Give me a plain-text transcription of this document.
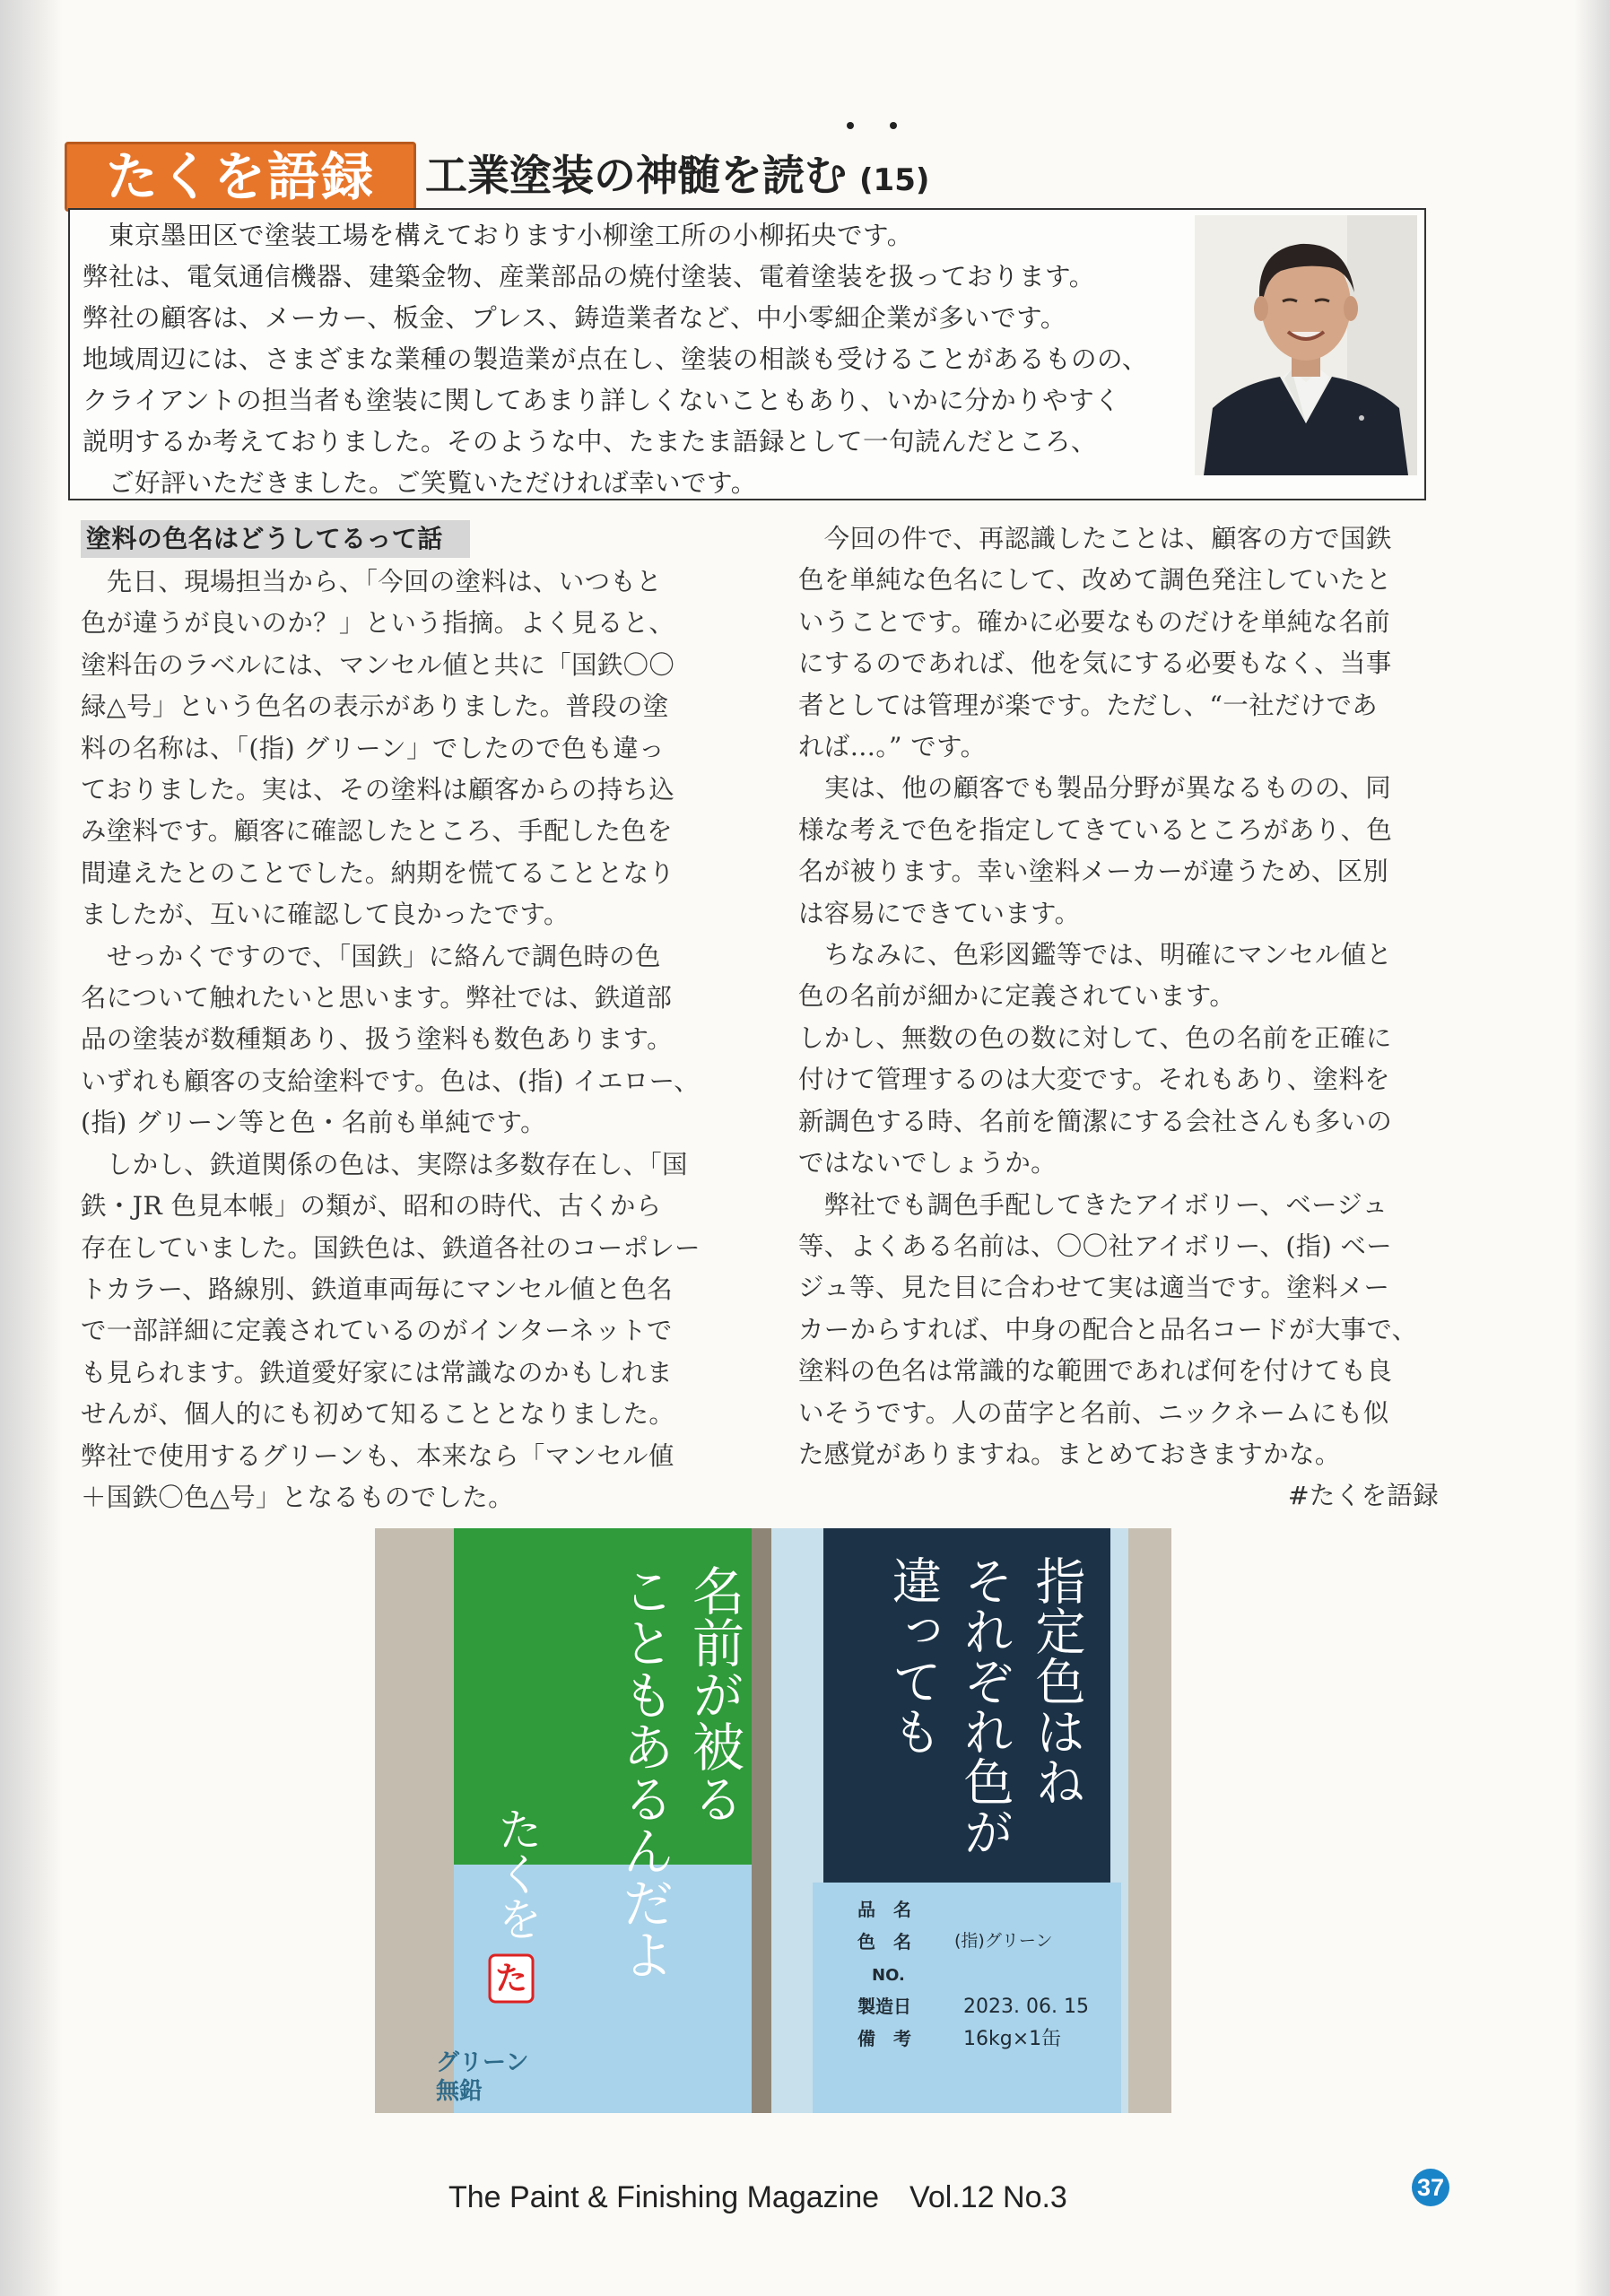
たくを語録	工業塗装の神髄を読む (15)

　東京墨田区で塗装工場を構えております小柳塗工所の小柳拓央です。

弊社は、電気通信機器、建築金物、産業部品の焼付塗装、電着塗装を扱っております。

弊社の顧客は、メーカー、板金、プレス、鋳造業者など、中小零細企業が多いです。

地域周辺には、さまざまな業種の製造業が点在し、塗装の相談も受けることがあるものの、

クライアントの担当者も塗装に関してあまり詳しくないこともあり、いかに分かりやすく

説明するか考えておりました。そのような中、たまたま語録として一句読んだところ、

　ご好評いただきました。ご笑覧いただければ幸いです。

塗料の色名はどうしてるって話

　先日、現場担当から、「今回の塗料は、いつもと

色が違うが良いのか？」という指摘。よく見ると、

塗料缶のラベルには、マンセル値と共に「国鉄〇〇

緑△号」という色名の表示がありました。普段の塗

料の名称は、「(指) グリーン」でしたので色も違っ

ておりました。実は、その塗料は顧客からの持ち込

み塗料です。顧客に確認したところ、手配した色を

間違えたとのことでした。納期を慌てることとなり

ましたが、互いに確認して良かったです。

　せっかくですので、「国鉄」に絡んで調色時の色

名について触れたいと思います。弊社では、鉄道部

品の塗装が数種類あり、扱う塗料も数色あります。

いずれも顧客の支給塗料です。色は、(指) イエロー、

(指) グリーン等と色・名前も単純です。

　しかし、鉄道関係の色は、実際は多数存在し、「国

鉄・JR 色見本帳」の類が、昭和の時代、古くから

存在していました。国鉄色は、鉄道各社のコーポレー

トカラー、路線別、鉄道車両毎にマンセル値と色名

で一部詳細に定義されているのがインターネットで

も見られます。鉄道愛好家には常識なのかもしれま

せんが、個人的にも初めて知ることとなりました。

弊社で使用するグリーンも、本来なら「マンセル値

＋国鉄〇色△号」となるものでした。

　今回の件で、再認識したことは、顧客の方で国鉄

色を単純な色名にして、改めて調色発注していたと

いうことです。確かに必要なものだけを単純な名前

にするのであれば、他を気にする必要もなく、当事

者としては管理が楽です。ただし、“一社だけであ

れば…。” です。

　実は、他の顧客でも製品分野が異なるものの、同

様な考えで色を指定してきているところがあり、色

名が被ります。幸い塗料メーカーが違うため、区別

は容易にできています。

　ちなみに、色彩図鑑等では、明確にマンセル値と

色の名前が細かに定義されています。

しかし、無数の色の数に対して、色の名前を正確に

付けて管理するのは大変です。それもあり、塗料を

新調色する時、名前を簡潔にする会社さんも多いの

ではないでしょうか。

　弊社でも調色手配してきたアイボリー、ベージュ

等、よくある名前は、〇〇社アイボリー、(指) ベー

ジュ等、見た目に合わせて実は適当です。塗料メー

カーからすれば、中身の配合と品名コードが大事で、

塗料の色名は常識的な範囲であれば何を付けても良

いそうです。人の苗字と名前、ニックネームにも似

た感覚がありますね。まとめておきますかな。

#たくを語録

名前が被る
こともあるんだよ
たくを
た
グリーン
無鉛
指定色はね
それぞれ色が
違っても
品　名
色　名	(指)グリーン
NO.
製造日	2023. 06. 15
備　考	16kg×1缶
The Paint & Finishing Magazine　Vol.12 No.3	37
